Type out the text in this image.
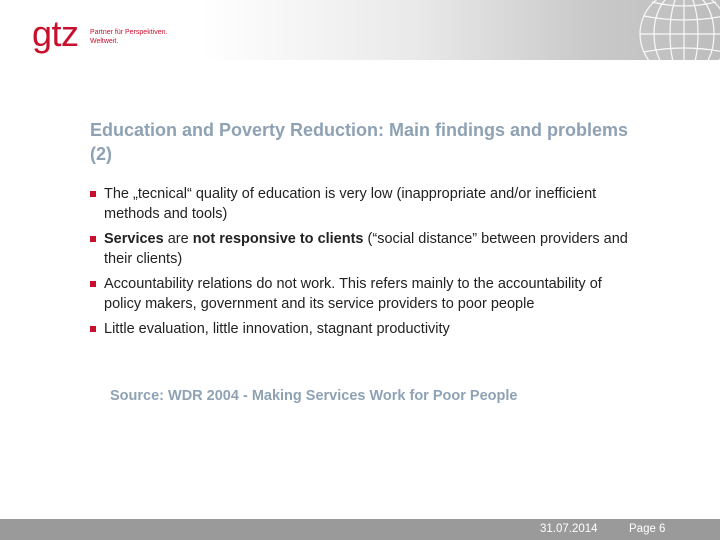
gtz Partner für Perspektiven.
Weltweit.
Education and Poverty Reduction: Main findings and problems (2)
The „tecnical“ quality of education is very low (inappropriate and/or inefficient methods and tools)
Services are not responsive to clients (“social distance” between providers and their clients)
Accountability relations do not work. This refers mainly to the accountability of policy makers, government and its service providers to poor people
Little evaluation, little innovation, stagnant productivity
Source: WDR 2004 - Making Services Work for Poor People
31.07.2014	Page 6
